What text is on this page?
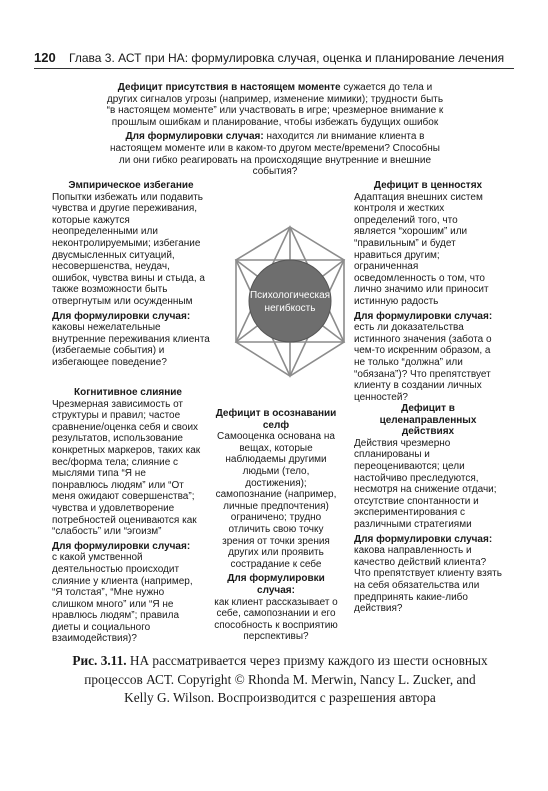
120 Глава 3. АСТ при НА: формулировка случая, оценка и планирование лечения
Дефицит присутствия в настоящем моменте сужается до тела и других сигналов угрозы (например, изменение мимики); трудности быть “в настоящем моменте” или участвовать в игре; чрезмерное внимание к прошлым ошибкам и планирование, чтобы избежать будущих ошибок
Для формулировки случая: находится ли внимание клиента в настоящем моменте или в каком-то другом месте/времени? Способны ли они гибко реагировать на происходящие внутренние и внешние события?
Эмпирическое избегание
Попытки избежать или подавить чувства и другие переживания, которые кажутся неопределенными или неконтролируемыми; избегание двусмысленных ситуаций, несовершенства, неудач, ошибок, чувства вины и стыда, а также возможности быть отвергнутым или осужденным
Для формулировки случая:
каковы нежелательные внутренние переживания клиента (избегаемые события) и избегающее поведение?
Когнитивное слияние
Чрезмерная зависимость от структуры и правил; частое сравнение/оценка себя и своих результатов, использование конкретных маркеров, таких как вес/форма тела; слияние с мыслями типа “Я не понравлюсь людям” или “От меня ожидают совершенства”; чувства и удовлетворение потребностей оцениваются как “слабость” или “эгоизм”
Для формулировки случая:
с какой умственной деятельностью происходит слияние у клиента (например, “Я толстая”, “Мне нужно слишком много” или “Я не нравлюсь людям”; правила диеты и социального взаимодействия)?
Дефицит в осознавании селф
Самооценка основана на вещах, которые наблюдаемы другими людьми (тело, достижения); самопознание (например, личные предпочтения) ограничено; трудно отличить свою точку зрения от точки зрения других или проявить сострадание к себе
Для формулировки случая:
как клиент рассказывает о себе, самопознании и его способность к восприятию перспективы?
Дефицит в ценностях
Адаптация внешних систем контроля и жестких определений того, что является “хорошим” или “правильным” и будет нравиться другим; ограниченная осведомленность о том, что лично значимо или приносит истинную радость
Для формулировки случая:
есть ли доказательства истинного значения (забота о чем-то искренним образом, а не только “должна” или “обязана”)? Что препятствует клиенту в создании личных ценностей?
Дефицит в целенаправленных действиях
Действия чрезмерно спланированы и переоцениваются; цели настойчиво преследуются, несмотря на снижение отдачи; отсутствие спонтанности и экспериментирования с различными стратегиями
Для формулировки случая:
какова направленность и качество действий клиента? Что препятствует клиенту взять на себя обязательства или предпринять какие-либо действия?
Психологическая
негибкость
Рис. 3.11. НА рассматривается через призму каждого из шести основных процессов АСТ. Copyright © Rhonda M. Merwin, Nancy L. Zucker, and Kelly G. Wilson. Воспроизводится с разрешения автора
